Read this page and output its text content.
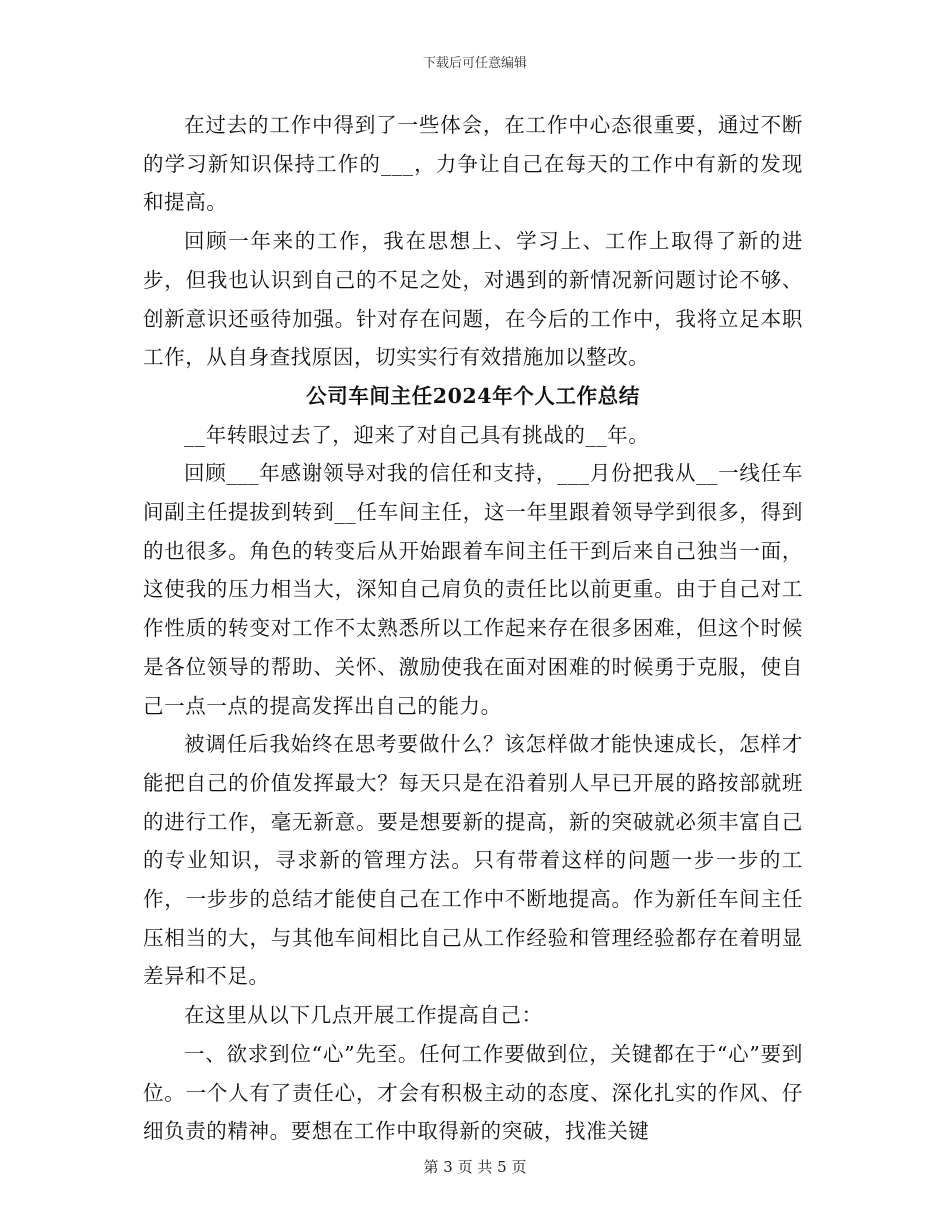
下载后可任意编辑

在过去的工作中得到了一些体会，在工作中心态很重要，通过不断的学习新知识保持工作的___，力争让自己在每天的工作中有新的发现和提高。

回顾一年来的工作，我在思想上、学习上、工作上取得了新的进步，但我也认识到自己的不足之处，对遇到的新情况新问题讨论不够、创新意识还亟待加强。针对存在问题，在今后的工作中，我将立足本职工作，从自身查找原因，切实实行有效措施加以整改。

公司车间主任2024年个人工作总结

__年转眼过去了，迎来了对自己具有挑战的__年。

回顾___年感谢领导对我的信任和支持，___月份把我从__一线任车间副主任提拔到转到__任车间主任，这一年里跟着领导学到很多，得到的也很多。角色的转变后从开始跟着车间主任干到后来自己独当一面，这使我的压力相当大，深知自己肩负的责任比以前更重。由于自己对工作性质的转变对工作不太熟悉所以工作起来存在很多困难，但这个时候是各位领导的帮助、关怀、激励使我在面对困难的时候勇于克服，使自己一点一点的提高发挥出自己的能力。

被调任后我始终在思考要做什么？该怎样做才能快速成长，怎样才能把自己的价值发挥最大？每天只是在沿着别人早已开展的路按部就班的进行工作，毫无新意。要是想要新的提高，新的突破就必须丰富自己的专业知识，寻求新的管理方法。只有带着这样的问题一步一步的工作，一步步的总结才能使自己在工作中不断地提高。作为新任车间主任压相当的大，与其他车间相比自己从工作经验和管理经验都存在着明显差异和不足。

在这里从以下几点开展工作提高自己：

一、欲求到位“心”先至。任何工作要做到位，关键都在于“心”要到位。一个人有了责任心，才会有积极主动的态度、深化扎实的作风、仔细负责的精神。要想在工作中取得新的突破，找准关键

第 3 页 共 5 页
